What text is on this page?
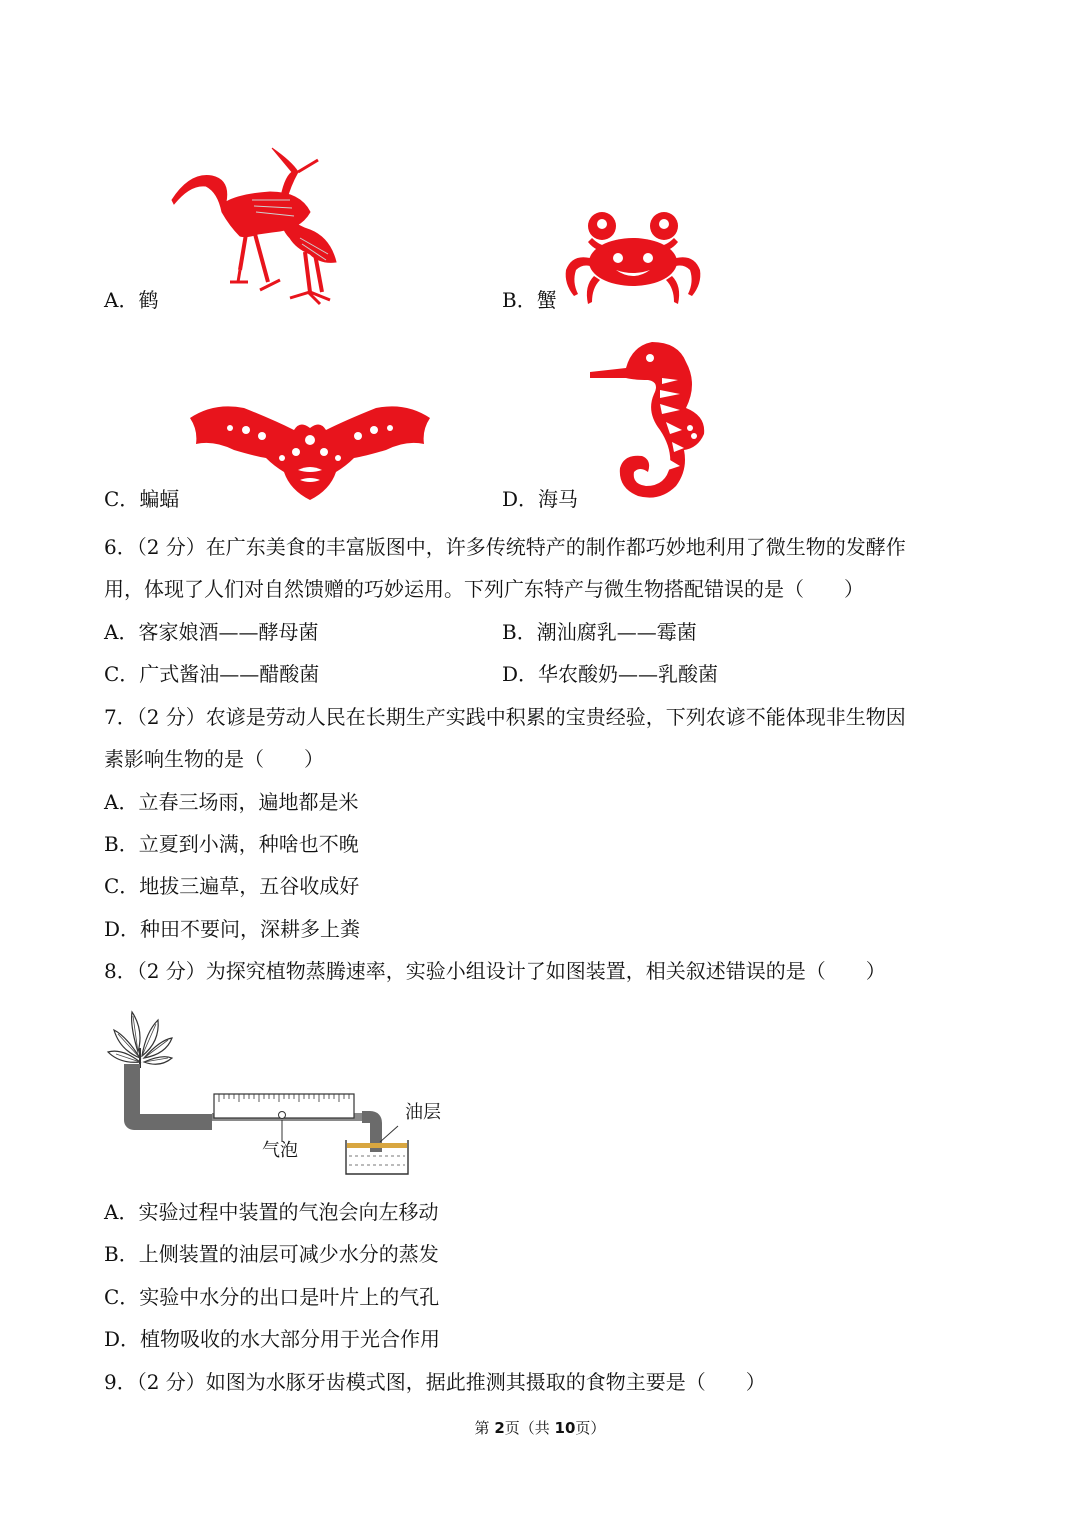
A．鹤	B．蟹
C．蝙蝠	D．海马
6．（2 分）在广东美食的丰富版图中，许多传统特产的制作都巧妙地利用了微生物的发酵作
用，体现了人们对自然馈赠的巧妙运用。下列广东特产与微生物搭配错误的是（　　）
A．客家娘酒——酵母菌	B．潮汕腐乳——霉菌
C．广式酱油——醋酸菌	D．华农酸奶——乳酸菌
7．（2 分）农谚是劳动人民在长期生产实践中积累的宝贵经验，下列农谚不能体现非生物因
素影响生物的是（　　）
A．立春三场雨，遍地都是米
B．立夏到小满，种啥也不晚
C．地拔三遍草，五谷收成好
D．种田不要问，深耕多上粪
8．（2 分）为探究植物蒸腾速率，实验小组设计了如图装置，相关叙述错误的是（　　）
油层
气泡
A．实验过程中装置的气泡会向左移动
B．上侧装置的油层可减少水分的蒸发
C．实验中水分的出口是叶片上的气孔
D．植物吸收的水大部分用于光合作用
9．（2 分）如图为水豚牙齿模式图，据此推测其摄取的食物主要是（　　）
第 2页（共 10页）
